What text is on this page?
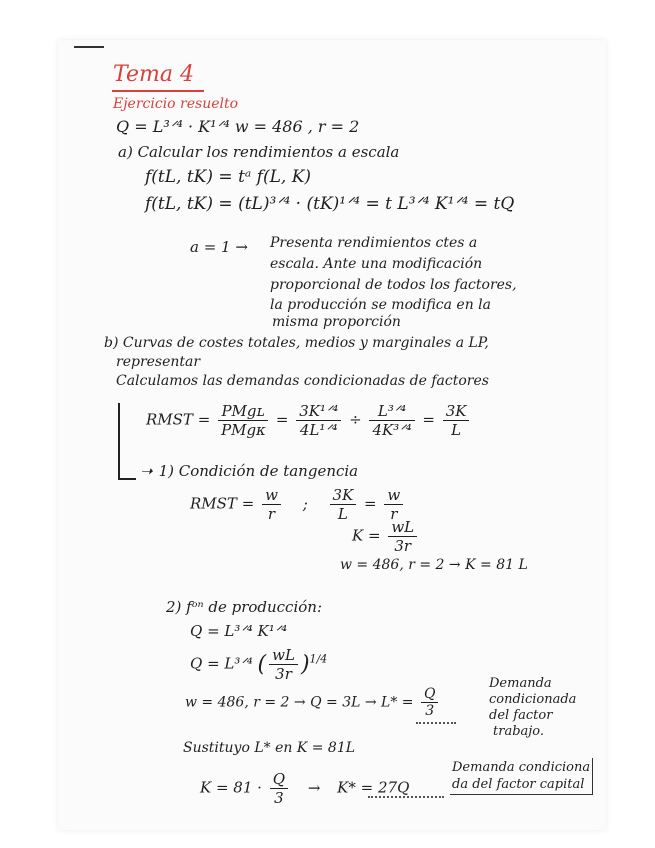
Tema 4
Ejercicio resuelto
Q = L³ᐟ⁴ · K¹ᐟ⁴ w = 486 , r = 2
a) Calcular los rendimientos a escala
f(tL, tK) = tᵃ f(L, K)
f(tL, tK) = (tL)³ᐟ⁴ · (tK)¹ᐟ⁴ = t L³ᐟ⁴ K¹ᐟ⁴ = tQ
a = 1 → Presenta rendimientos ctes a
escala. Ante una modificación
proporcional de todos los factores,
la producción se modifica en la
misma proporción
b) Curvas de costes totales, medios y marginales a LP,
representar
Calculamos las demandas condicionadas de factores
RMST = $\frac{\text{PMgʟ}}{\text{PMgᴋ}} = \frac{\text{3K¹ᐟ⁴}}{\text{4L¹ᐟ⁴}} \div \frac{\text{L³ᐟ⁴}}{\text{4K³ᐟ⁴}} = \frac{3K}{L}$
➝ 1) Condición de tangencia
RMST = $\frac{w}{r}$ ; $\frac{3K}{L} = \frac{w}{r}$
$K = \frac{wL}{3r}$
w = 486, r = 2 → K = 81 L
2) fᵒⁿ de producción:
Q = L³ᐟ⁴ K¹ᐟ⁴
Q = L³ᐟ⁴ ( $\frac{wL}{3r} )^{1/4}$
w = 486, $r = 2 \to Q = 3L \to L* = \frac{Q}{3}$
Demanda
condicionada
del factor
trabajo.
Sustituyo L* en K = 81L
$K = 81 \cdot \frac{Q}{3} \to K* = 27Q$
Demanda condiciona
da del factor capital
